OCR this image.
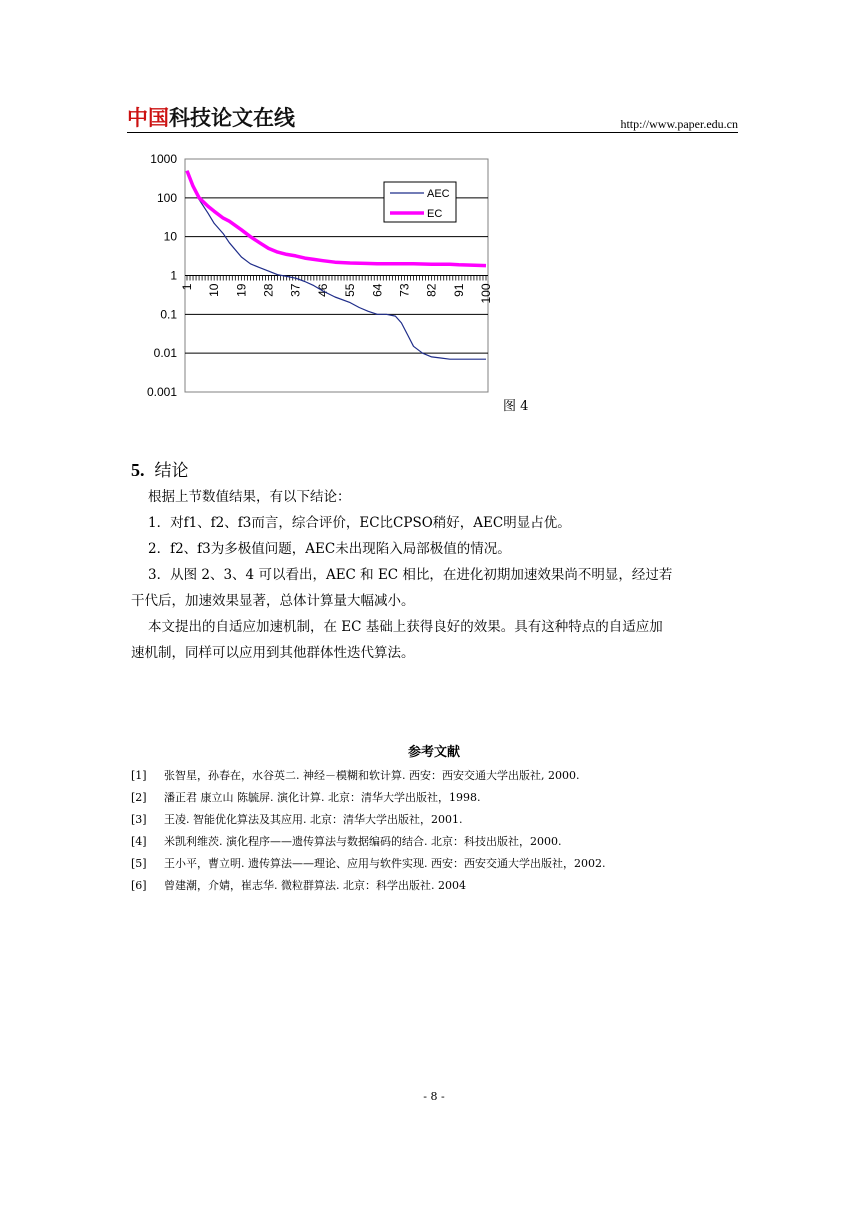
中国 科技论文在线	http://www.paper.edu.cn
1000
100
10
1
0.1
0.01
0.001
1 10 19 28 37 46 55 64 73 82 91 100
AEC
EC
图 4
5. 结论
根据上节数值结果，有以下结论：
1．对f1、f2、f3而言，综合评价，EC比CPSO稍好，AEC明显占优。
2．f2、f3为多极值问题，AEC未出现陷入局部极值的情况。
3．从图 2、3、4 可以看出，AEC 和 EC 相比，在进化初期加速效果尚不明显，经过若
干代后，加速效果显著，总体计算量大幅减小。
本文提出的自适应加速机制，在 EC 基础上获得良好的效果。具有这种特点的自适应加
速机制，同样可以应用到其他群体性迭代算法。
参考文献
[1] 张智星，孙春在，水谷英二. 神经－模糊和软计算. 西安：西安交通大学出版社, 2000.
[2] 潘正君 康立山 陈毓屏. 演化计算. 北京：清华大学出版社，1998.
[3] 王凌. 智能优化算法及其应用. 北京：清华大学出版社，2001.
[4] 米凯利维茨. 演化程序——遗传算法与数据编码的结合. 北京：科技出版社，2000.
[5] 王小平，曹立明. 遗传算法——理论、应用与软件实现. 西安：西安交通大学出版社，2002.
[6] 曾建潮，介婧，崔志华. 微粒群算法. 北京：科学出版社. 2004
- 8 -
